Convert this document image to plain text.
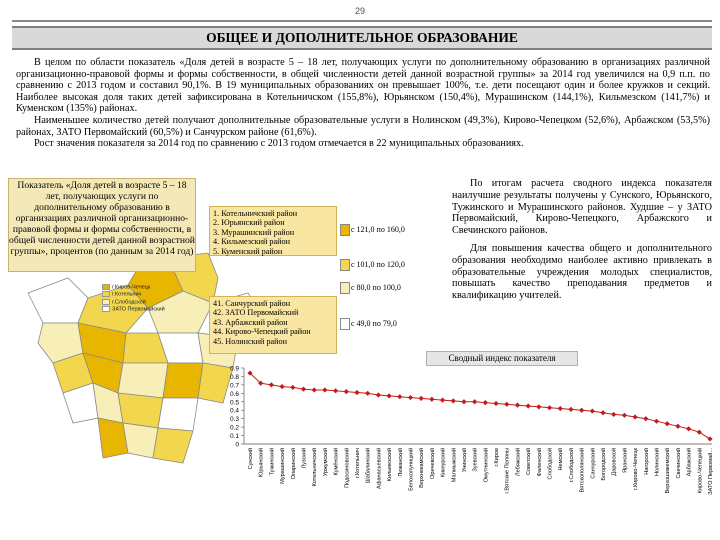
29
ОБЩЕЕ И ДОПОЛНИТЕЛЬНОЕ ОБРАЗОВАНИЕ

В целом по области показатель «Доля детей в возрасте 5 – 18 лет, получающих услуги по дополнительному образованию в организациях различной организационно-правовой формы и формы собственности, в общей численности детей данной возрастной группы» за 2014 год увеличился на 0,9 п.п. по сравнению с 2013 годом и составил 90,1%. В 19 муниципальных образованиях он превышает 100%, т.е. дети посещают один и более кружков и секций. Наиболее высокая доля таких детей зафиксирована в Котельничском (155,8%), Юрьянском (150,4%), Мурашинском (144,1%), Кильмезском (141,7%) и Куменском (135%) районах.

Наименьшее количество детей получают дополнительные образовательные услуги в Нолинском (49,3%), Кирово-Чепецком (52,6%), Арбажском (53,5%) районах, ЗАТО Первомайский (60,5%) и Санчурском районе (61,6%).

Рост значения показателя за 2014 год по сравнению с 2013 годом отмечается в 22 муниципальных образованиях.

Показатель «Доля детей в возрасте 5 – 18 лет, получающих услуги по дополнительному образованию в организациях различной организационно-правовой формы и формы собственности, в общей численности детей данной возрастной группы», процентов (по данным за 2014 год)
г.Киров-Чепецк
г.Котельнич
г.Слободской
ЗАТО Первомайский
1. Котельничский район
2. Юрьянский район
3. Мурашинский район
4. Кильмезский район
5. Куменский район
41. Санчурский район
42. ЗАТО Первомайский
43. Арбажский район
44. Кирово-Чепецкий район
45. Нолинский район
с 121,0 по 160,0
с 101,0 по 120,0
с 80,0 по 100,0
с 49,0 по 79,0

По итогам расчета сводного индекса показателя наилучшие результаты получены у Сунского, Юрьянского, Тужинского и Мурашинского районов. Худшие – у ЗАТО Первомайский, Кирово-Чепецкого, Арбажского и Свечинского районов.

Для повышения качества общего и дополнительного образования необходимо наиболее активно привлекать в образовательные учреждения молодых специалистов, повышать качество преподавания предметов и квалификацию учителей.

Сводный индекс показателя
0
0.1
0.2
0.3
0.4
0.5
0.6
0.7
0.8
0.9
Сунский Юрьянский Тужинский Мурашинский Опаринский Лузский Котельничский Уржумский Кумёнский Подосиновский г.Котельнич Шабалинский Афанасьевский Кильмезский Пижанский Белохолуницкий Верхнекамский Оричевский Кикнурский Малмыжский Унинский Зуевский Омутнинский г.Киров г.Вятские Поляны Лебяжский Советский Фаленский Слободской Немский г.Слободской Вятскополянский Санчурский Богородский Даровской Яранский г.Кирово-Чепецк Нагорский Нолинский Верхошижемский Свечинский Арбажский Кирово-Чепецкий ЗАТО Первомай...
